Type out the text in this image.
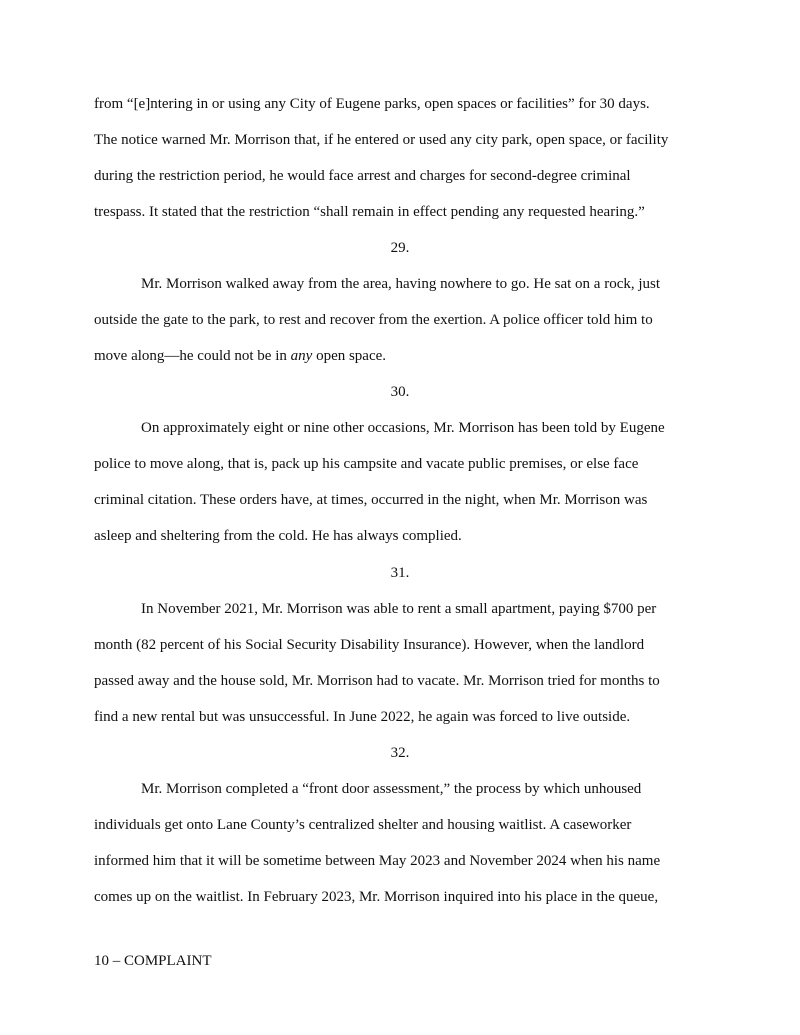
from “[e]ntering in or using any City of Eugene parks, open spaces or facilities” for 30 days.
The notice warned Mr. Morrison that, if he entered or used any city park, open space, or facility
during the restriction period, he would face arrest and charges for second-degree criminal
trespass. It stated that the restriction “shall remain in effect pending any requested hearing.”
29.
Mr. Morrison walked away from the area, having nowhere to go. He sat on a rock, just
outside the gate to the park, to rest and recover from the exertion. A police officer told him to
move along—he could not be in any open space.
30.
On approximately eight or nine other occasions, Mr. Morrison has been told by Eugene
police to move along, that is, pack up his campsite and vacate public premises, or else face
criminal citation. These orders have, at times, occurred in the night, when Mr. Morrison was
asleep and sheltering from the cold. He has always complied.
31.
In November 2021, Mr. Morrison was able to rent a small apartment, paying $700 per
month (82 percent of his Social Security Disability Insurance). However, when the landlord
passed away and the house sold, Mr. Morrison had to vacate. Mr. Morrison tried for months to
find a new rental but was unsuccessful. In June 2022, he again was forced to live outside.
32.
Mr. Morrison completed a “front door assessment,” the process by which unhoused
individuals get onto Lane County’s centralized shelter and housing waitlist. A caseworker
informed him that it will be sometime between May 2023 and November 2024 when his name
comes up on the waitlist. In February 2023, Mr. Morrison inquired into his place in the queue,
10 – COMPLAINT
